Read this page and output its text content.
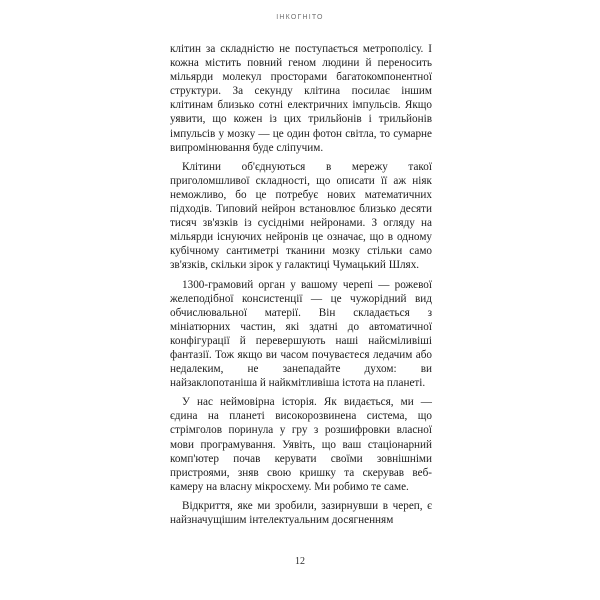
ІНКОГНІТО

клітин за складністю не поступається метрополісу. І кожна містить повний геном людини й переносить мільярди молекул просторами багатокомпонентної структури. За секунду клітина посилає іншим клітинам близько сотні електричних імпульсів. Якщо уявити, що кожен із цих трильйонів і трильйонів імпульсів у мозку — це один фотон світла, то сумарне випромінювання буде сліпучим.

Клітини об'єднуються в мережу такої приголомшливої складності, що описати її аж ніяк неможливо, бо це потребує нових математичних підходів. Типовий нейрон встановлює близько десяти тисяч зв'язків із сусідніми нейронами. З огляду на мільярди існуючих нейронів це означає, що в одному кубічному сантиметрі тканини мозку стільки само зв'язків, скільки зірок у галактиці Чумацький Шлях.

1300-грамовий орган у вашому черепі — рожевої желеподібної консистенції — це чужорідний вид обчислювальної матерії. Він складається з мініатюрних частин, які здатні до автоматичної конфігурації й перевершують наші найсміливіші фантазії. Тож якщо ви часом почуваєтеся ледачим або недалеким, не занепадайте духом: ви найзаклопотаніша й найкмітливіша істота на планеті.

У нас неймовірна історія. Як видається, ми — єдина на планеті високорозвинена система, що стрімголов поринула у гру з розшифровки власної мови програмування. Уявіть, що ваш стаціонарний комп'ютер почав керувати своїми зовнішніми пристроями, зняв свою кришку та скерував веб-камеру на власну мікросхему. Ми робимо те саме.

Відкриття, яке ми зробили, зазирнувши в череп, є найзначущішим інтелектуальним досягненням

12
